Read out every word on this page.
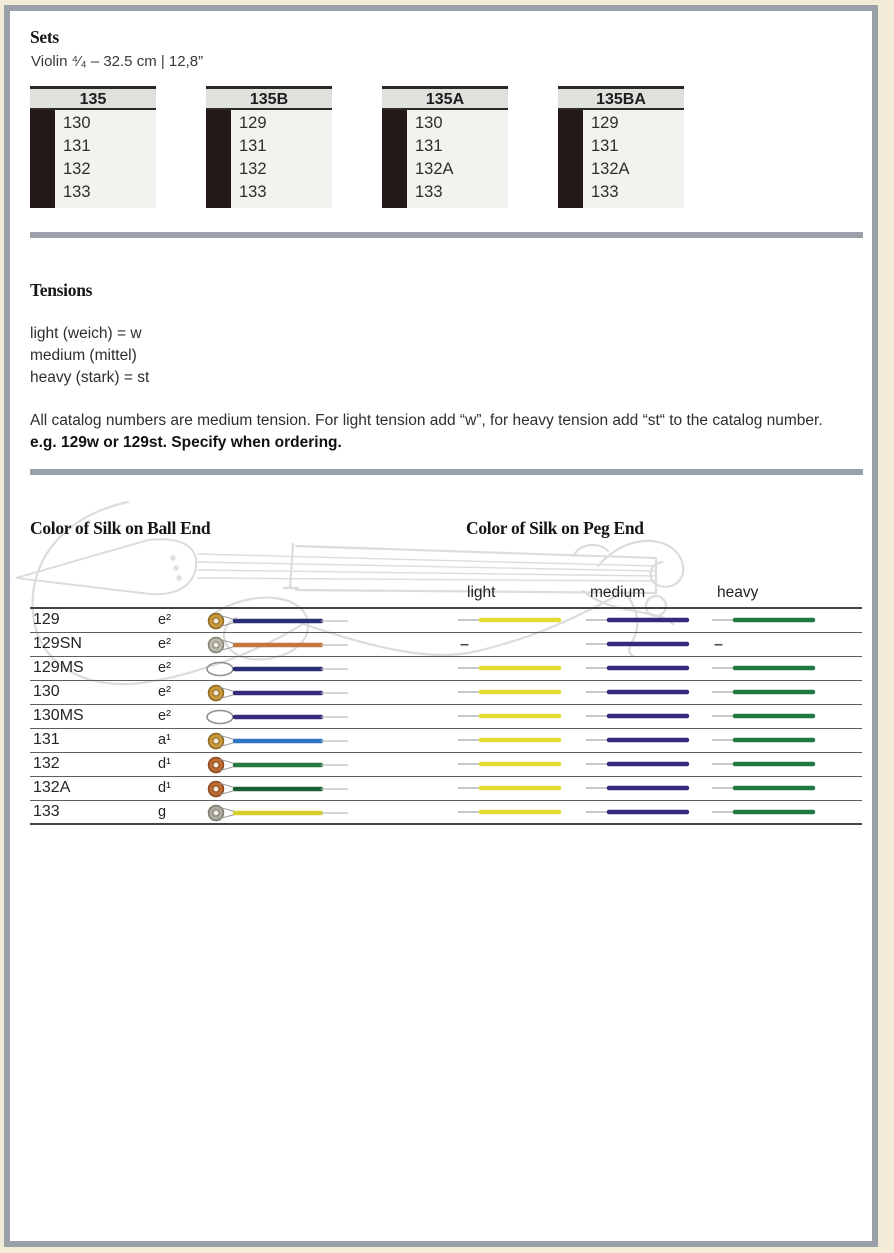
Sets
Violin ⁴⁄₄ – 32.5 cm | 12,8”
135
130
131
132
133
135B
129
131
132
133
135A
130
131
132A
133
135BA
129
131
132A
133
Tensions
light (weich) = w
medium (mittel)
heavy (stark) = st
All catalog numbers are medium tension. For light tension add “w”, for heavy tension add “st“ to the catalog number. e.g. 129w or 129st. Specify when ordering.
Color of Silk on Ball End	Color of Silk on Peg End
light	medium	heavy
129	e²
129SN	e²	–	–
129MS	e²
130	e²
130MS	e²
131	a¹
132	d¹
132A	d¹
133	g
